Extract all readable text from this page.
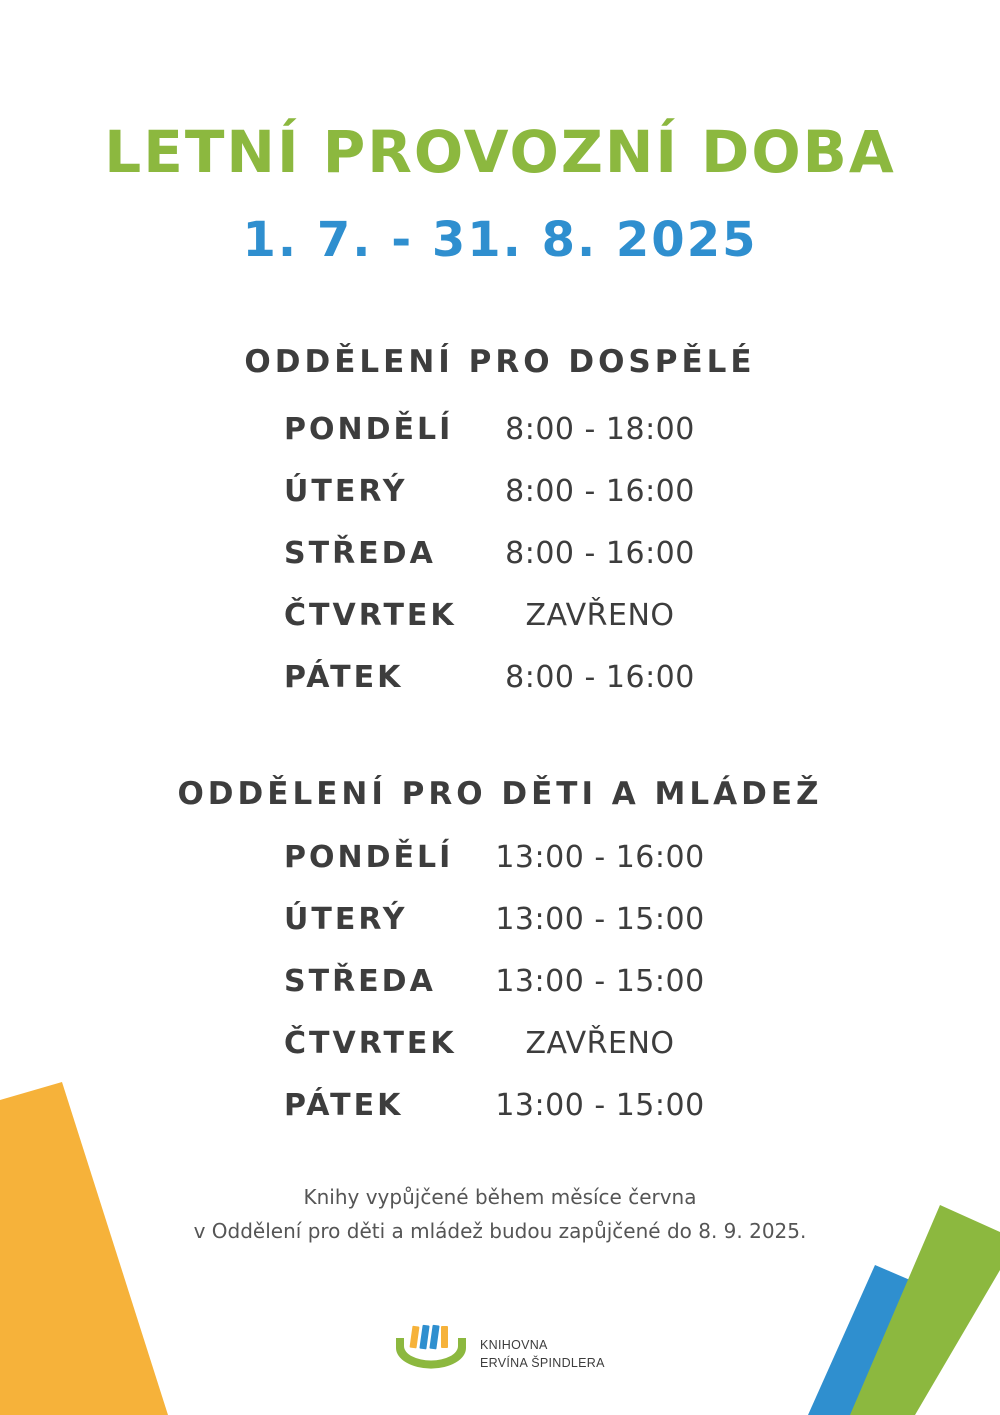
LETNÍ PROVOZNÍ DOBA
1. 7. - 31. 8. 2025
ODDĚLENÍ PRO DOSPĚLÉ
PONDĚLÍ	8:00 - 18:00
ÚTERÝ	8:00 - 16:00
STŘEDA	8:00 - 16:00
ČTVRTEK	ZAVŘENO
PÁTEK	8:00 - 16:00
ODDĚLENÍ PRO DĚTI A MLÁDEŽ
PONDĚLÍ	13:00 - 16:00
ÚTERÝ	13:00 - 15:00
STŘEDA	13:00 - 15:00
ČTVRTEK	ZAVŘENO
PÁTEK	13:00 - 15:00
Knihy vypůjčené během měsíce června
v Oddělení pro děti a mládež budou zapůjčené do 8. 9. 2025.
KNIHOVNA
ERVÍNA ŠPINDLERA
